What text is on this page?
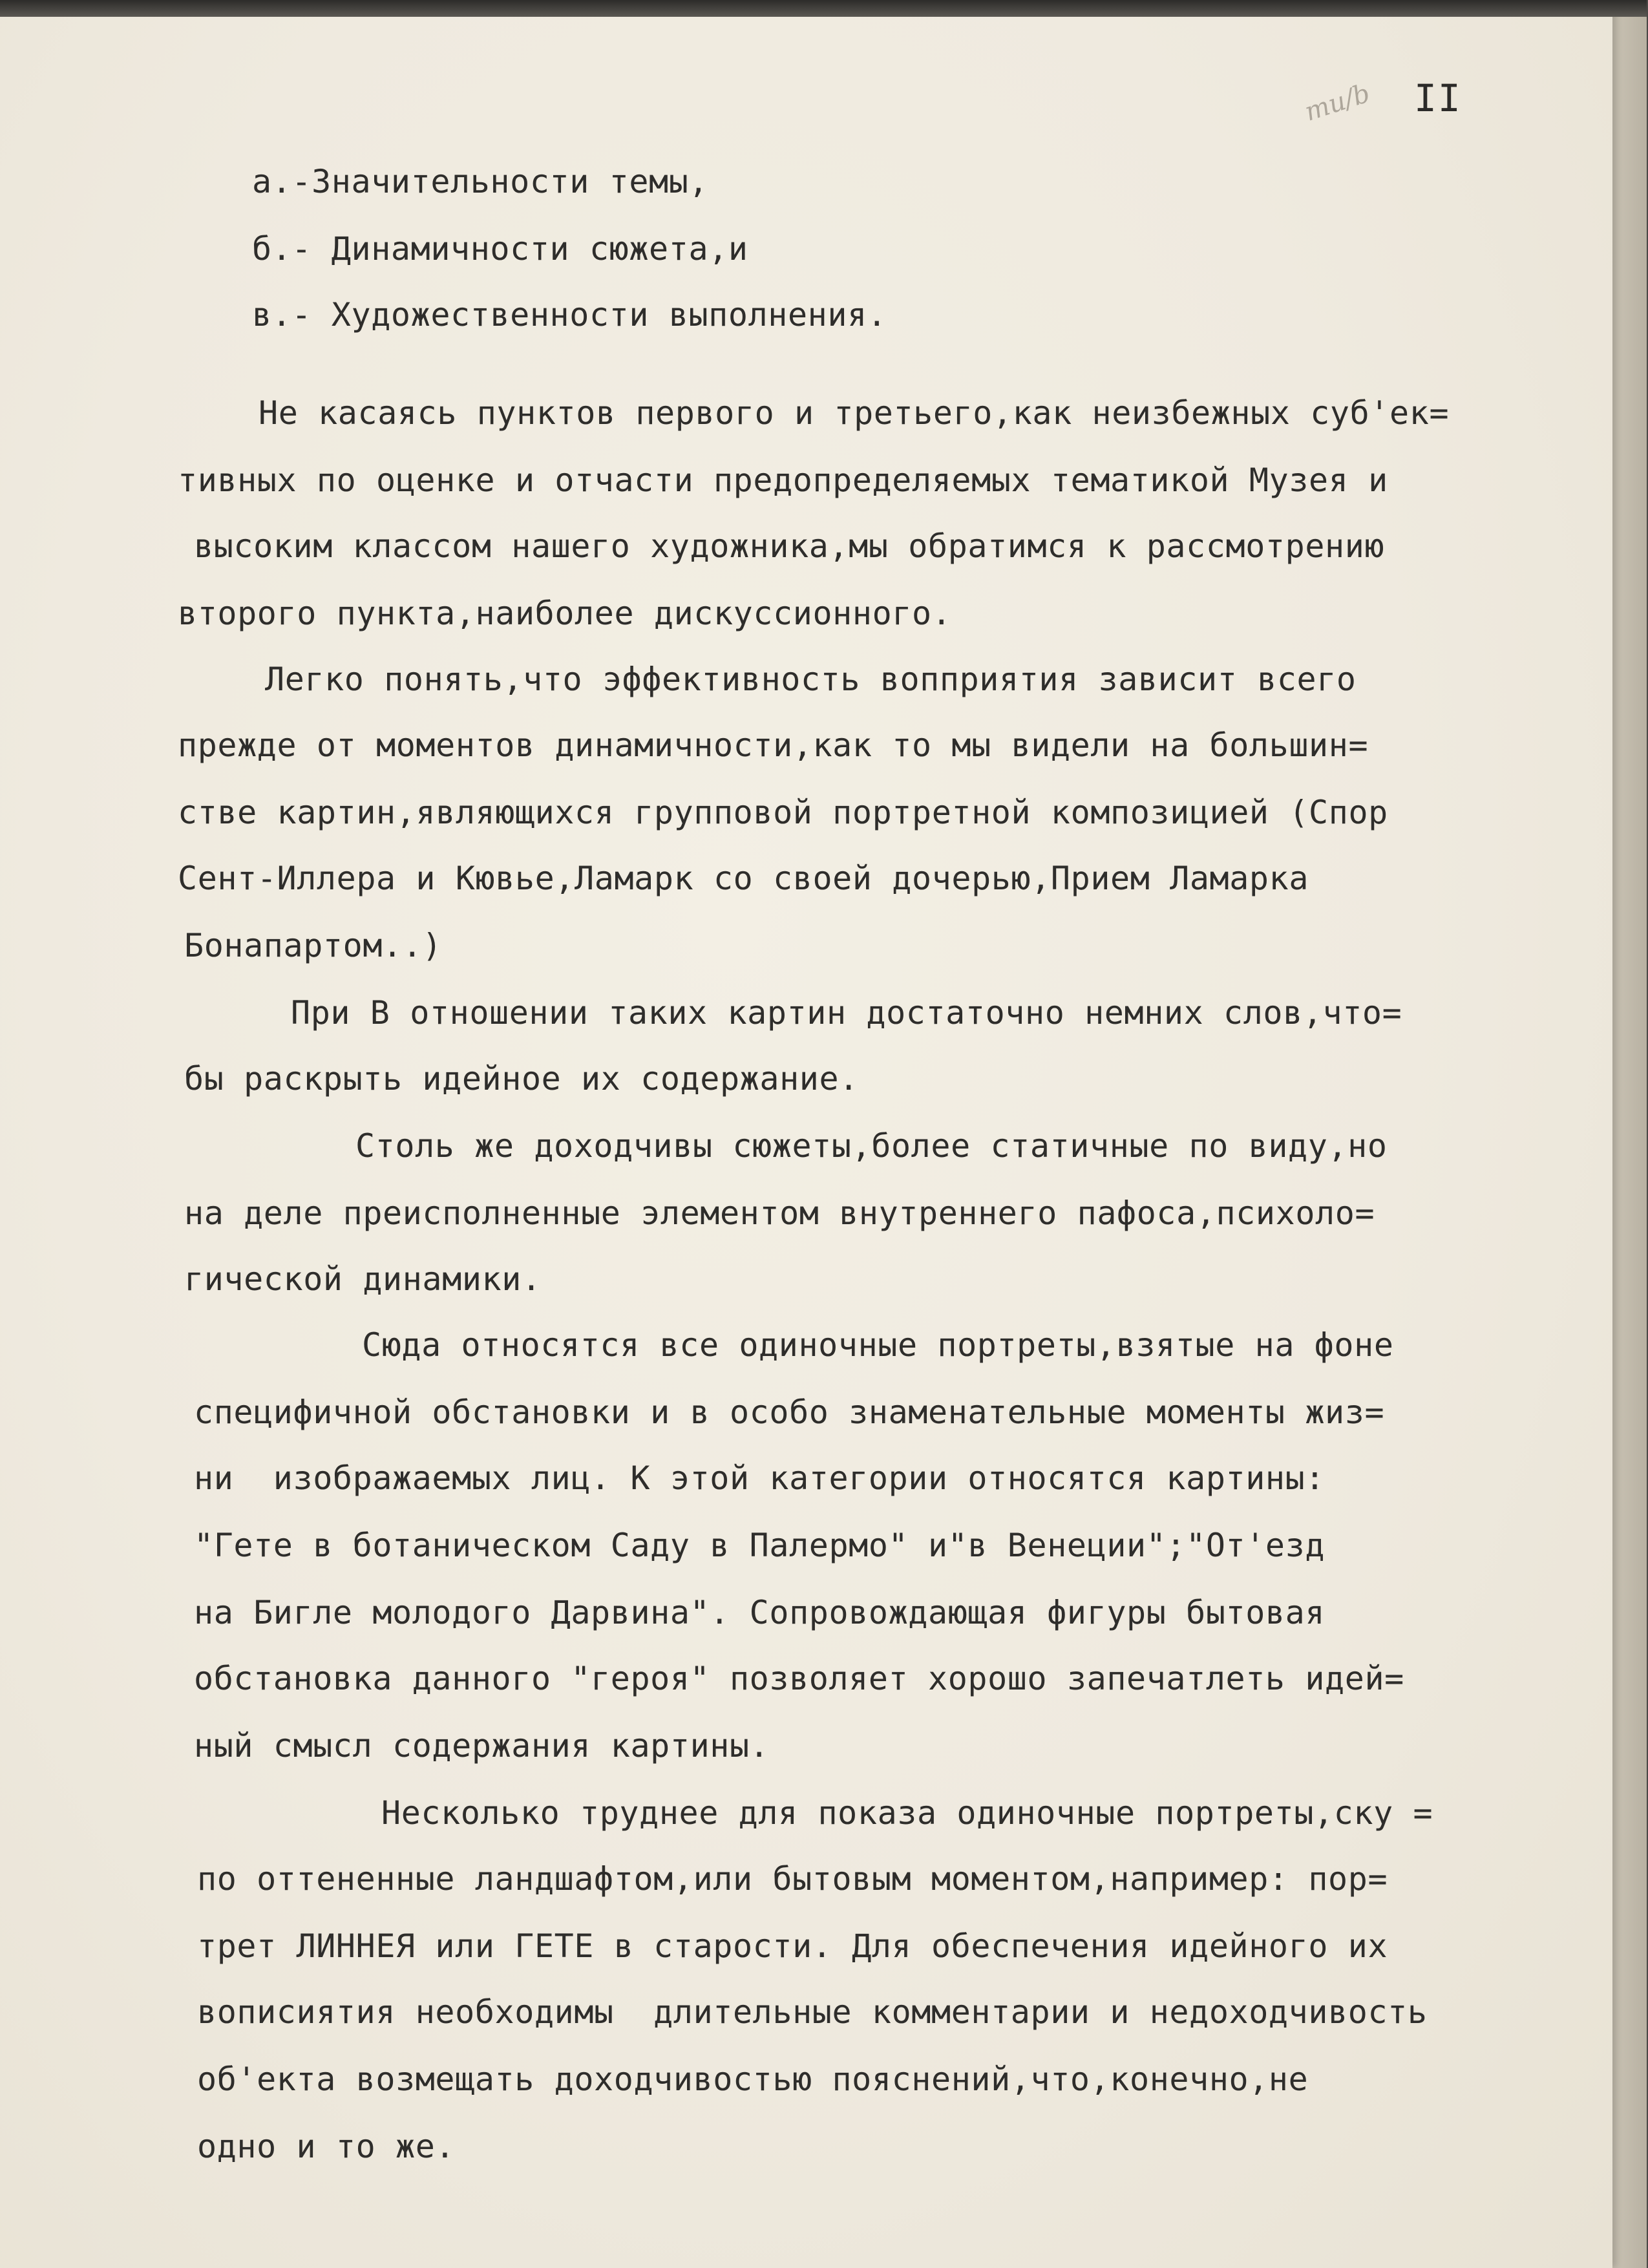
mu/b II
а.-Значительности темы,
б.- Динамичности сюжета,и
в.- Художественности выполнения.
Не касаясь пунктов первого и третьего,как неизбежных суб'ек=
тивных по оценке и отчасти предопределяемых тематикой Музея и
высоким классом нашего художника,мы обратимся к рассмотрению
второго пункта,наиболее дискуссионного.
Легко понять,что эффективность вопприятия зависит всего
прежде от моментов динамичности,как то мы видели на большин=
стве картин,являющихся групповой портретной композицией (Спор
Сент-Иллера и Кювье,Ламарк со своей дочерью,Прием Ламарка
Бонапартом..)
При В отношении таких картин достаточно немних слов,что=
бы раскрыть идейное их содержание.
Столь же доходчивы сюжеты,более статичные по виду,но
на деле преисполненные элементом внутреннего пафоса,психоло=
гической динамики.
Сюда относятся все одиночные портреты,взятые на фоне
специфичной обстановки и в особо знаменательные моменты жиз=
ни  изображаемых лиц. К этой категории относятся картины:
"Гете в ботаническом Саду в Палермо" и"в Венеции";"От'езд
на Бигле молодого Дарвина". Сопровождающая фигуры бытовая
обстановка данного "героя" позволяет хорошо запечатлеть идей=
ный смысл содержания картины.
Несколько труднее для показа одиночные портреты,ску =
по оттененные ландшафтом,или бытовым моментом,например: пор=
трет ЛИННЕЯ или ГЕТЕ в старости. Для обеспечения идейного их
вописиятия необходимы  длительные комментарии и недоходчивость
об'екта возмещать доходчивостью пояснений,что,конечно,не
одно и то же.
